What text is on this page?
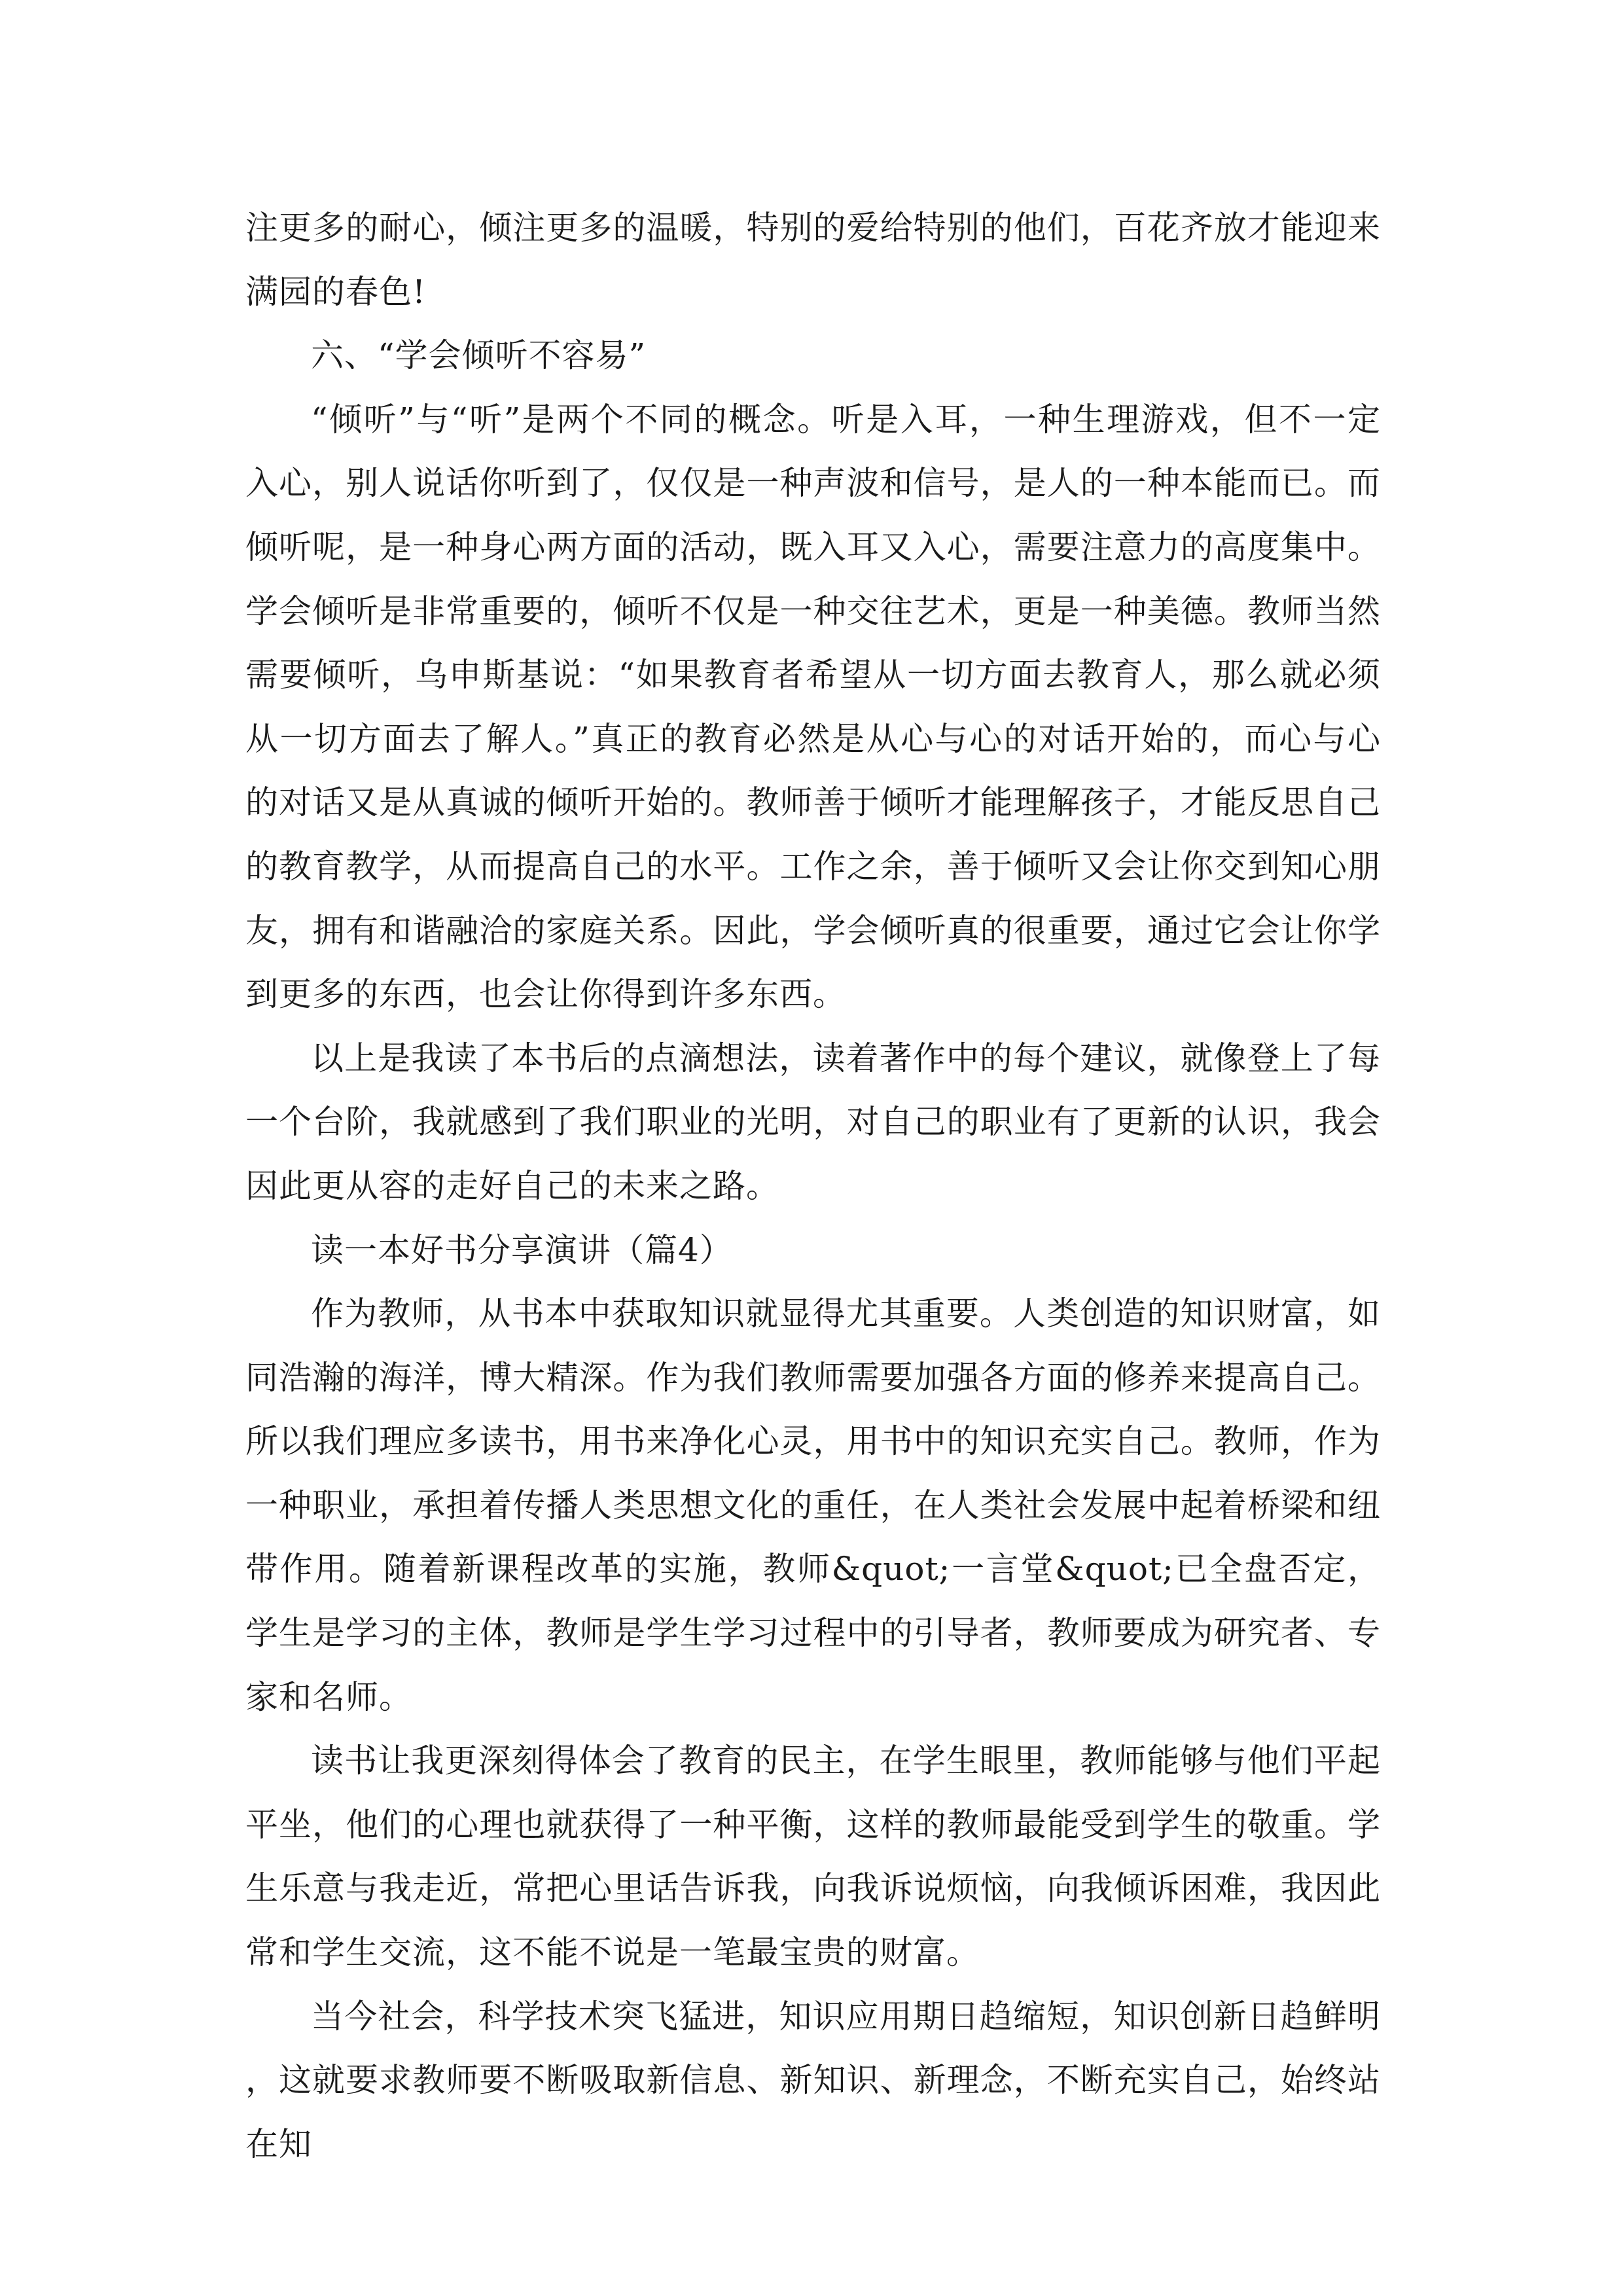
注更多的耐心，倾注更多的温暖，特别的爱给特别的他们，百花齐放才能迎来满园的春色!

六、“学会倾听不容易”

“倾听”与“听”是两个不同的概念。听是入耳，一种生理游戏，但不一定入心，别人说话你听到了，仅仅是一种声波和信号，是人的一种本能而已。而倾听呢，是一种身心两方面的活动，既入耳又入心，需要注意力的高度集中。学会倾听是非常重要的，倾听不仅是一种交往艺术，更是一种美德。教师当然需要倾听，乌申斯基说：“如果教育者希望从一切方面去教育人，那么就必须从一切方面去了解人。”真正的教育必然是从心与心的对话开始的，而心与心的对话又是从真诚的倾听开始的。教师善于倾听才能理解孩子，才能反思自己的教育教学，从而提高自己的水平。工作之余，善于倾听又会让你交到知心朋友，拥有和谐融洽的家庭关系。因此，学会倾听真的很重要，通过它会让你学到更多的东西，也会让你得到许多东西。

以上是我读了本书后的点滴想法，读着著作中的每个建议，就像登上了每一个台阶，我就感到了我们职业的光明，对自己的职业有了更新的认识，我会因此更从容的走好自己的未来之路。

读一本好书分享演讲（篇4）

作为教师，从书本中获取知识就显得尤其重要。人类创造的知识财富，如同浩瀚的海洋，博大精深。作为我们教师需要加强各方面的修养来提高自己。所以我们理应多读书，用书来净化心灵，用书中的知识充实自己。教师，作为一种职业，承担着传播人类思想文化的重任，在人类社会发展中起着桥梁和纽带作用。随着新课程改革的实施，教师&quot;一言堂&quot;已全盘否定，学生是学习的主体，教师是学生学习过程中的引导者，教师要成为研究者、专家和名师。

读书让我更深刻得体会了教育的民主，在学生眼里，教师能够与他们平起平坐，他们的心理也就获得了一种平衡，这样的教师最能受到学生的敬重。学生乐意与我走近，常把心里话告诉我，向我诉说烦恼，向我倾诉困难，我因此常和学生交流，这不能不说是一笔最宝贵的财富。

当今社会，科学技术突飞猛进，知识应用期日趋缩短，知识创新日趋鲜明，这就要求教师要不断吸取新信息、新知识、新理念，不断充实自己，始终站在知
